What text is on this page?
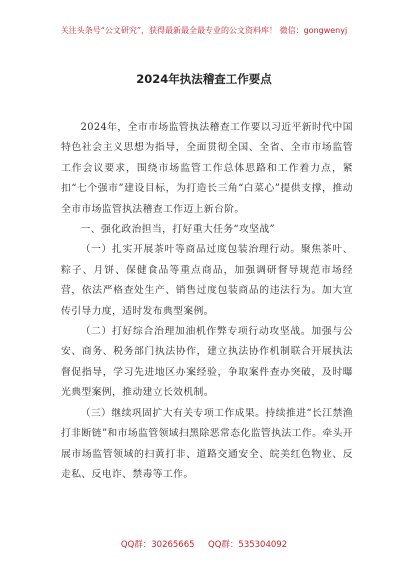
关注头条号“公文研究”，获得最新最全最专业的公文资料库！ 微信：gongwenyj
2024年执法稽查工作要点

2024年，全市市场监管执法稽查工作要以习近平新时代中国特色社会主义思想为指导，全面贯彻全国、全省、全市市场监管工作会议要求，围绕市场监管工作总体思路和工作着力点，紧扣“七个强市”建设目标，为打造长三角“白菜心”提供支撑，推动全市市场监管执法稽查工作迈上新台阶。

一、强化政治担当，打好重大任务“攻坚战”

（一）扎实开展茶叶等商品过度包装治理行动。聚焦茶叶、粽子、月饼、保健食品等重点商品，加强调研督导规范市场经营，依法严格查处生产、销售过度包装商品的违法行为。加大宣传引导力度，适时发布典型案例。

（二）打好综合治理加油机作弊专项行动攻坚战。加强与公安、商务、税务部门执法协作，建立执法协作机制联合开展执法督促指导，学习先进地区办案经验，争取案件查办突破，及时曝光典型案例，推动建立长效机制。

（三）继续巩固扩大有关专项工作成果。持续推进“长江禁渔 打非断链”和市场监管领域扫黑除恶常态化监管执法工作。牵头开展市场监管领域的扫黄打非、道路交通安全、皖美红色物业、反走私、反电诈、禁毒等工作。

QQ群：30265665     QQ群：535304092
